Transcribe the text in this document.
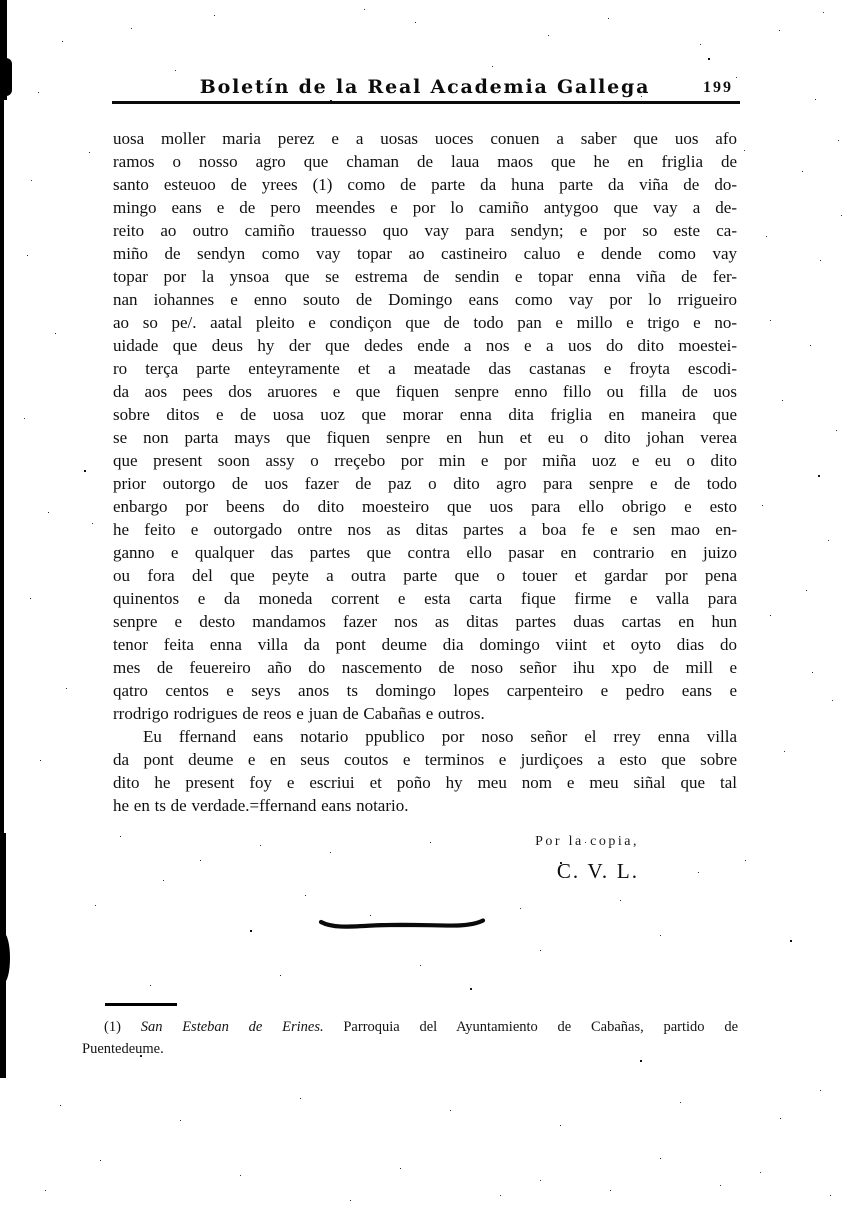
Boletín de la Real Academia Gallega	199
uosa moller maria perez e a uosas uoces conuen a saber que uos afo
ramos o nosso agro que chaman de laua maos que he en friglia de
santo esteuoo de yrees (1) como de parte da huna parte da viña de do-
mingo eans e de pero meendes e por lo camiño antygoo que vay a de-
reito ao outro camiño trauesso quo vay para sendyn; e por so este ca-
miño de sendyn como vay topar ao castineiro caluo e dende como vay
topar por la ynsoa que se estrema de sendin e topar enna viña de fer-
nan iohannes e enno souto de Domingo eans como vay por lo rrigueiro
ao so pe/. aatal pleito e condiçon que de todo pan e millo e trigo e no-
uidade que deus hy der que dedes ende a nos e a uos do dito moestei-
ro terça parte enteyramente et a meatade das castanas e froyta escodi-
da aos pees dos aruores e que fiquen senpre enno fillo ou filla de uos
sobre ditos e de uosa uoz que morar enna dita friglia en maneira que
se non parta mays que fiquen senpre en hun et eu o dito johan verea
que present soon assy o rreçebo por min e por miña uoz e eu o dito
prior outorgo de uos fazer de paz o dito agro para senpre e de todo
enbargo por beens do dito moesteiro que uos para ello obrigo e esto
he feito e outorgado ontre nos as ditas partes a boa fe e sen mao en-
ganno e qualquer das partes que contra ello pasar en contrario en juizo
ou fora del que peyte a outra parte que o touer et gardar por pena
quinentos e da moneda corrent e esta carta fique firme e valla para
senpre e desto mandamos fazer nos as ditas partes duas cartas en hun
tenor feita enna villa da pont deume dia domingo viint et oyto dias do
mes de feuereiro año do nascemento de noso señor ihu xpo de mill e
qatro centos e seys anos ts domingo lopes carpenteiro e pedro eans e
rrodrigo rodrigues de reos e juan de Cabañas e outros.
Eu ffernand eans notario ppublico por noso señor el rrey enna villa
da pont deume e en seus coutos e terminos e jurdiçoes a esto que sobre
dito he present foy e escriui et poño hy meu nom e meu siñal que tal
he en ts de verdade.=ffernand eans notario.
Por la copia,
C. V. L.
(1) San Esteban de Erines. Parroquia del Ayuntamiento de Cabañas, partido de
Puentedeume.
